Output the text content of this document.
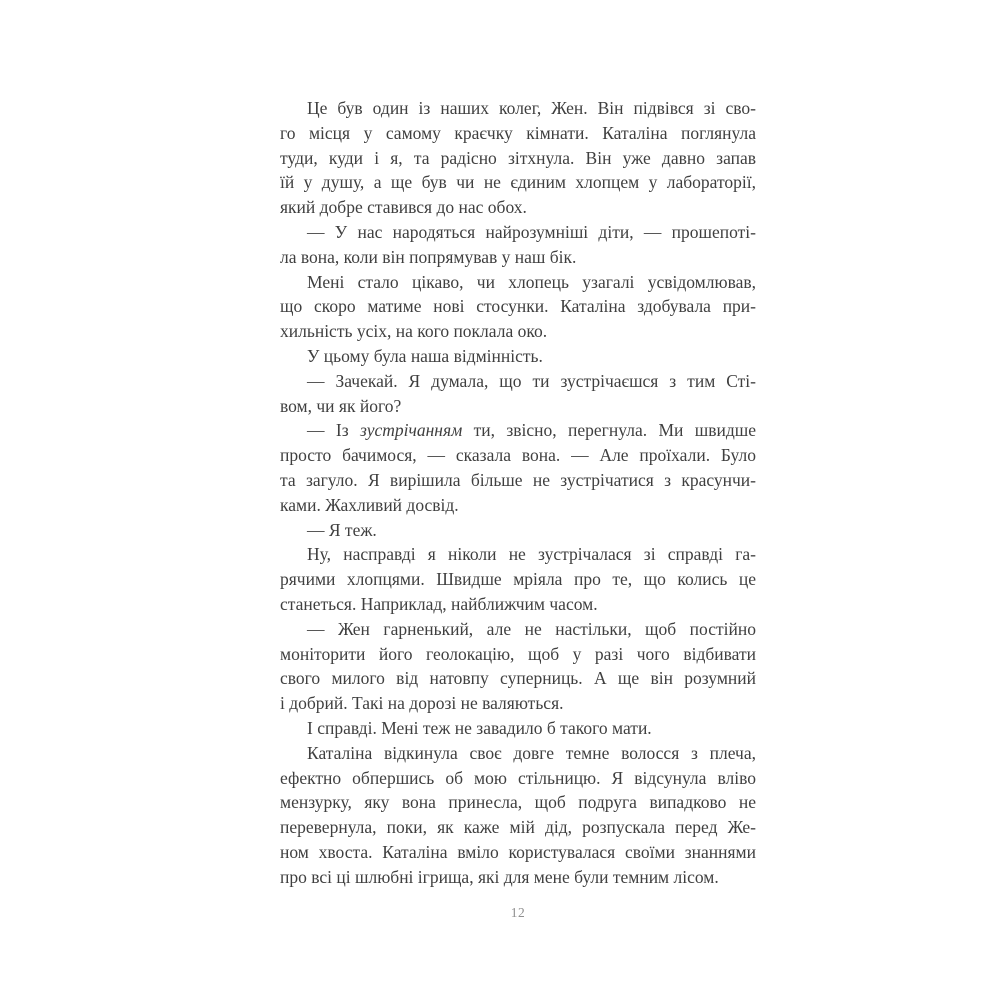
Це був один із наших колег, Жен. Він підвівся зі сво-
го місця у самому краєчку кімнати. Каталіна поглянула
туди, куди і я, та радісно зітхнула. Він уже давно запав
їй у душу, а ще був чи не єдиним хлопцем у лабораторії,
який добре ставився до нас обох.
— У нас народяться найрозумніші діти, — прошепоті-
ла вона, коли він попрямував у наш бік.
Мені стало цікаво, чи хлопець узагалі усвідомлював,
що скоро матиме нові стосунки. Каталіна здобувала при-
хильність усіх, на кого поклала око.
У цьому була наша відмінність.
— Зачекай. Я думала, що ти зустрічаєшся з тим Сті-
вом, чи як його?
— Із зустрічанням ти, звісно, перегнула. Ми швидше
просто бачимося, — сказала вона. — Але проїхали. Було
та загуло. Я вирішила більше не зустрічатися з красунчи-
ками. Жахливий досвід.
— Я теж.
Ну, насправді я ніколи не зустрічалася зі справді га-
рячими хлопцями. Швидше мріяла про те, що колись це
станеться. Наприклад, найближчим часом.
— Жен гарненький, але не настільки, щоб постійно
моніторити його геолокацію, щоб у разі чого відбивати
свого милого від натовпу суперниць. А ще він розумний
і добрий. Такі на дорозі не валяються.
І справді. Мені теж не завадило б такого мати.
Каталіна відкинула своє довге темне волосся з плеча,
ефектно обпершись об мою стільницю. Я відсунула вліво
мензурку, яку вона принесла, щоб подруга випадково не
перевернула, поки, як каже мій дід, розпускала перед Же-
ном хвоста. Каталіна вміло користувалася своїми знаннями
про всі ці шлюбні ігрища, які для мене були темним лісом.
12
